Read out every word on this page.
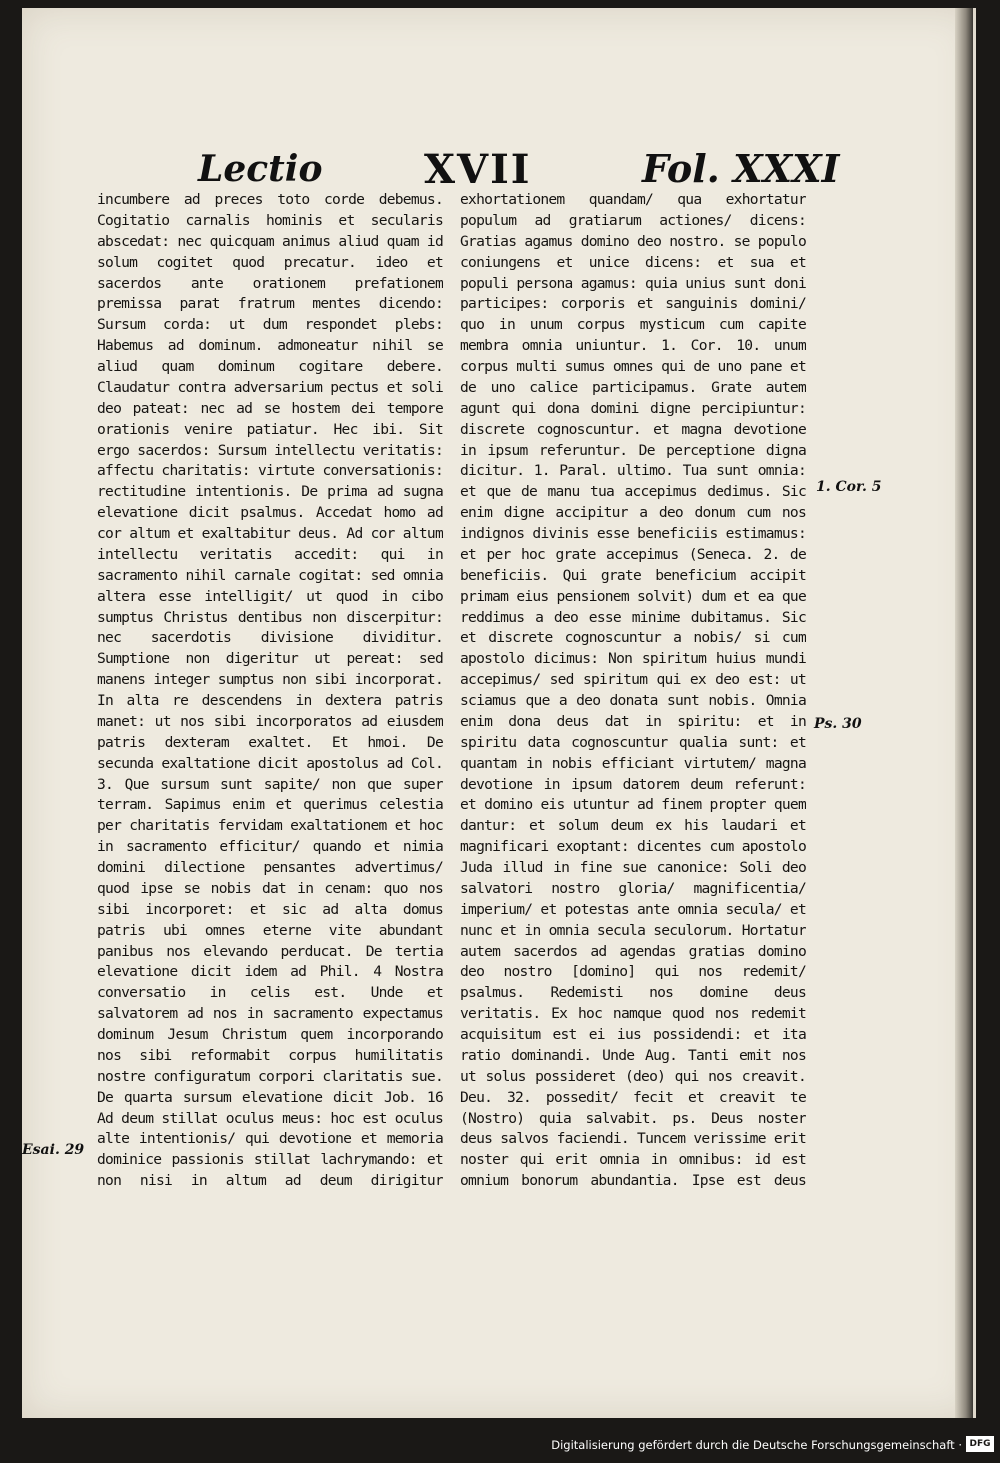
Lectio	XVII	Fol. XXXI

incumbere ad preces toto corde debemus. Cogitatio carnalis hominis et secularis abscedat: nec quicquam animus aliud quam id solum cogitet quod precatur. ideo et sacerdos ante orationem prefationem premissa parat fratrum mentes dicendo: Sursum corda: ut dum respondet plebs: Habemus ad dominum. admoneatur nihil se aliud quam dominum cogitare debere. Claudatur contra adversarium pectus et soli deo pateat: nec ad se hostem dei tempore orationis venire patiatur. Hec ibi. Sit ergo sacerdos: Sursum intellectu veritatis: affectu charitatis: virtute conversationis: rectitudine intentionis. De prima ad sugna elevatione dicit psalmus. Accedat homo ad cor altum et exaltabitur deus. Ad cor altum intellectu veritatis accedit: qui in sacramento nihil carnale cogitat: sed omnia altera esse intelligit/ ut quod in cibo sumptus Christus dentibus non discerpitur: nec sacerdotis divisione dividitur. Sumptione non digeritur ut pereat: sed manens integer sumptus non sibi incorporat. In alta re descendens in dextera patris manet: ut nos sibi incorporatos ad eiusdem patris dexteram exaltet. Et hmoi. De secunda exaltatione dicit apostolus ad Col. 3. Que sursum sunt sapite/ non que super terram. Sapimus enim et querimus celestia per charitatis fervidam exaltationem et hoc in sacramento efficitur/ quando et nimia domini dilectione pensantes advertimus/ quod ipse se nobis dat in cenam: quo nos sibi incorporet: et sic ad alta domus patris ubi omnes eterne vite abundant panibus nos elevando perducat. De tertia elevatione dicit idem ad Phil. 4 Nostra conversatio in celis est. Unde et salvatorem ad nos in sacramento expectamus dominum Jesum Christum quem incorporando nos sibi reformabit corpus humilitatis nostre configuratum corpori claritatis sue. De quarta sursum elevatione dicit Job. 16 Ad deum stillat oculus meus: hoc est oculus alte intentionis/ qui devotione et memoria dominice passionis stillat lachrymando: et non nisi in altum ad deum dirigitur

exhortationem quandam/ qua exhortatur populum ad gratiarum actiones/ dicens: Gratias agamus domino deo nostro. se populo coniungens et unice dicens: et sua et populi persona agamus: quia unius sunt doni participes: corporis et sanguinis domini/ quo in unum corpus mysticum cum capite membra omnia uniuntur. 1. Cor. 10. unum corpus multi sumus omnes qui de uno pane et de uno calice participamus. Grate autem agunt qui dona domini digne percipiuntur: discrete cognoscuntur. et magna devotione in ipsum referuntur. De perceptione digna dicitur. 1. Paral. ultimo. Tua sunt omnia: et que de manu tua accepimus dedimus. Sic enim digne accipitur a deo donum cum nos indignos divinis esse beneficiis estimamus: et per hoc grate accepimus (Seneca. 2. de beneficiis. Qui grate beneficium accipit primam eius pensionem solvit) dum et ea que reddimus a deo esse minime dubitamus. Sic et discrete cognoscuntur a nobis/ si cum apostolo dicimus: Non spiritum huius mundi accepimus/ sed spiritum qui ex deo est: ut sciamus que a deo donata sunt nobis. Omnia enim dona deus dat in spiritu: et in spiritu data cognoscuntur qualia sunt: et quantam in nobis efficiant virtutem/ magna devotione in ipsum datorem deum referunt: et domino eis utuntur ad finem propter quem dantur: et solum deum ex his laudari et magnificari exoptant: dicentes cum apostolo Juda illud in fine sue canonice: Soli deo salvatori nostro gloria/ magnificentia/ imperium/ et potestas ante omnia secula/ et nunc et in omnia secula seculorum. Hortatur autem sacerdos ad agendas gratias domino deo nostro [domino] qui nos redemit/ psalmus. Redemisti nos domine deus veritatis. Ex hoc namque quod nos redemit acquisitum est ei ius possidendi: et ita ratio dominandi. Unde Aug. Tanti emit nos ut solus possideret (deo) qui nos creavit. Deu. 32. possedit/ fecit et creavit te (Nostro) quia salvabit. ps. Deus noster deus salvos faciendi. Tuncem verissime erit noster qui erit omnia in omnibus: id est omnium bonorum abundantia. Ipse est deus

1. Cor. 5
Ps. 30
Esai. 29
Digitalisierung gefördert durch die Deutsche Forschungsgemeinschaft · DFG
